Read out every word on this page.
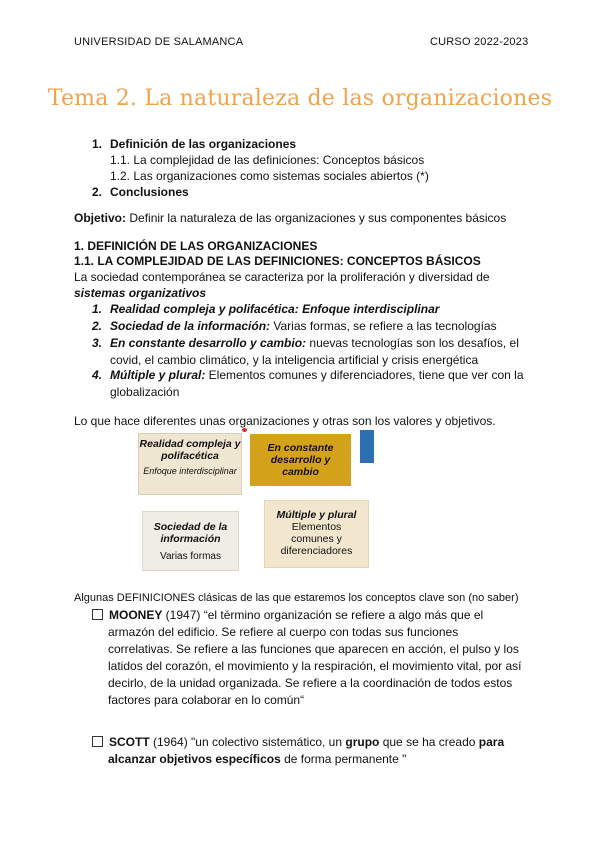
UNIVERSIDAD DE SALAMANCA	CURSO 2022-2023
Tema 2. La naturaleza de las organizaciones
1. Definición de las organizaciones
1.1. La complejidad de las definiciones: Conceptos básicos
1.2. Las organizaciones como sistemas sociales abiertos (*)
2. Conclusiones
Objetivo: Definir la naturaleza de las organizaciones y sus componentes básicos
1. DEFINICIÓN DE LAS ORGANIZACIONES
1.1. LA COMPLEJIDAD DE LAS DEFINICIONES: CONCEPTOS BÁSICOS
La sociedad contemporánea se caracteriza por la proliferación y diversidad de
sistemas organizativos
1. Realidad compleja y polifacética: Enfoque interdisciplinar
2. Sociedad de la información: Varias formas, se refiere a las tecnologías
3. En constante desarrollo y cambio: nuevas tecnologías son los desafíos, el
covid, el cambio climático, y la inteligencia artificial y crisis energética
4. Múltiple y plural: Elementos comunes y diferenciadores, tiene que ver con la
globalización
Lo que hace diferentes unas organizaciones y otras son los valores y objetivos.
Realidad compleja y polifacética
Enfoque interdisciplinar
En constante desarrollo y cambio
Sociedad de la información
Varias formas
Múltiple y plural
Elementos comunes y diferenciadores
Algunas DEFINICIONES clásicas de las que estaremos los conceptos clave son (no saber)
MOONEY (1947) “el término organización se refiere a algo más que el
armazón del edificio. Se refiere al cuerpo con todas sus funciones
correlativas. Se refiere a las funciones que aparecen en acción, el pulso y los
latidos del corazón, el movimiento y la respiración, el movimiento vital, por así
decirlo, de la unidad organizada. Se refiere a la coordinación de todos estos
factores para colaborar en lo común“
SCOTT (1964) "un colectivo sistemático, un grupo que se ha creado para
alcanzar objetivos específicos de forma permanente "
